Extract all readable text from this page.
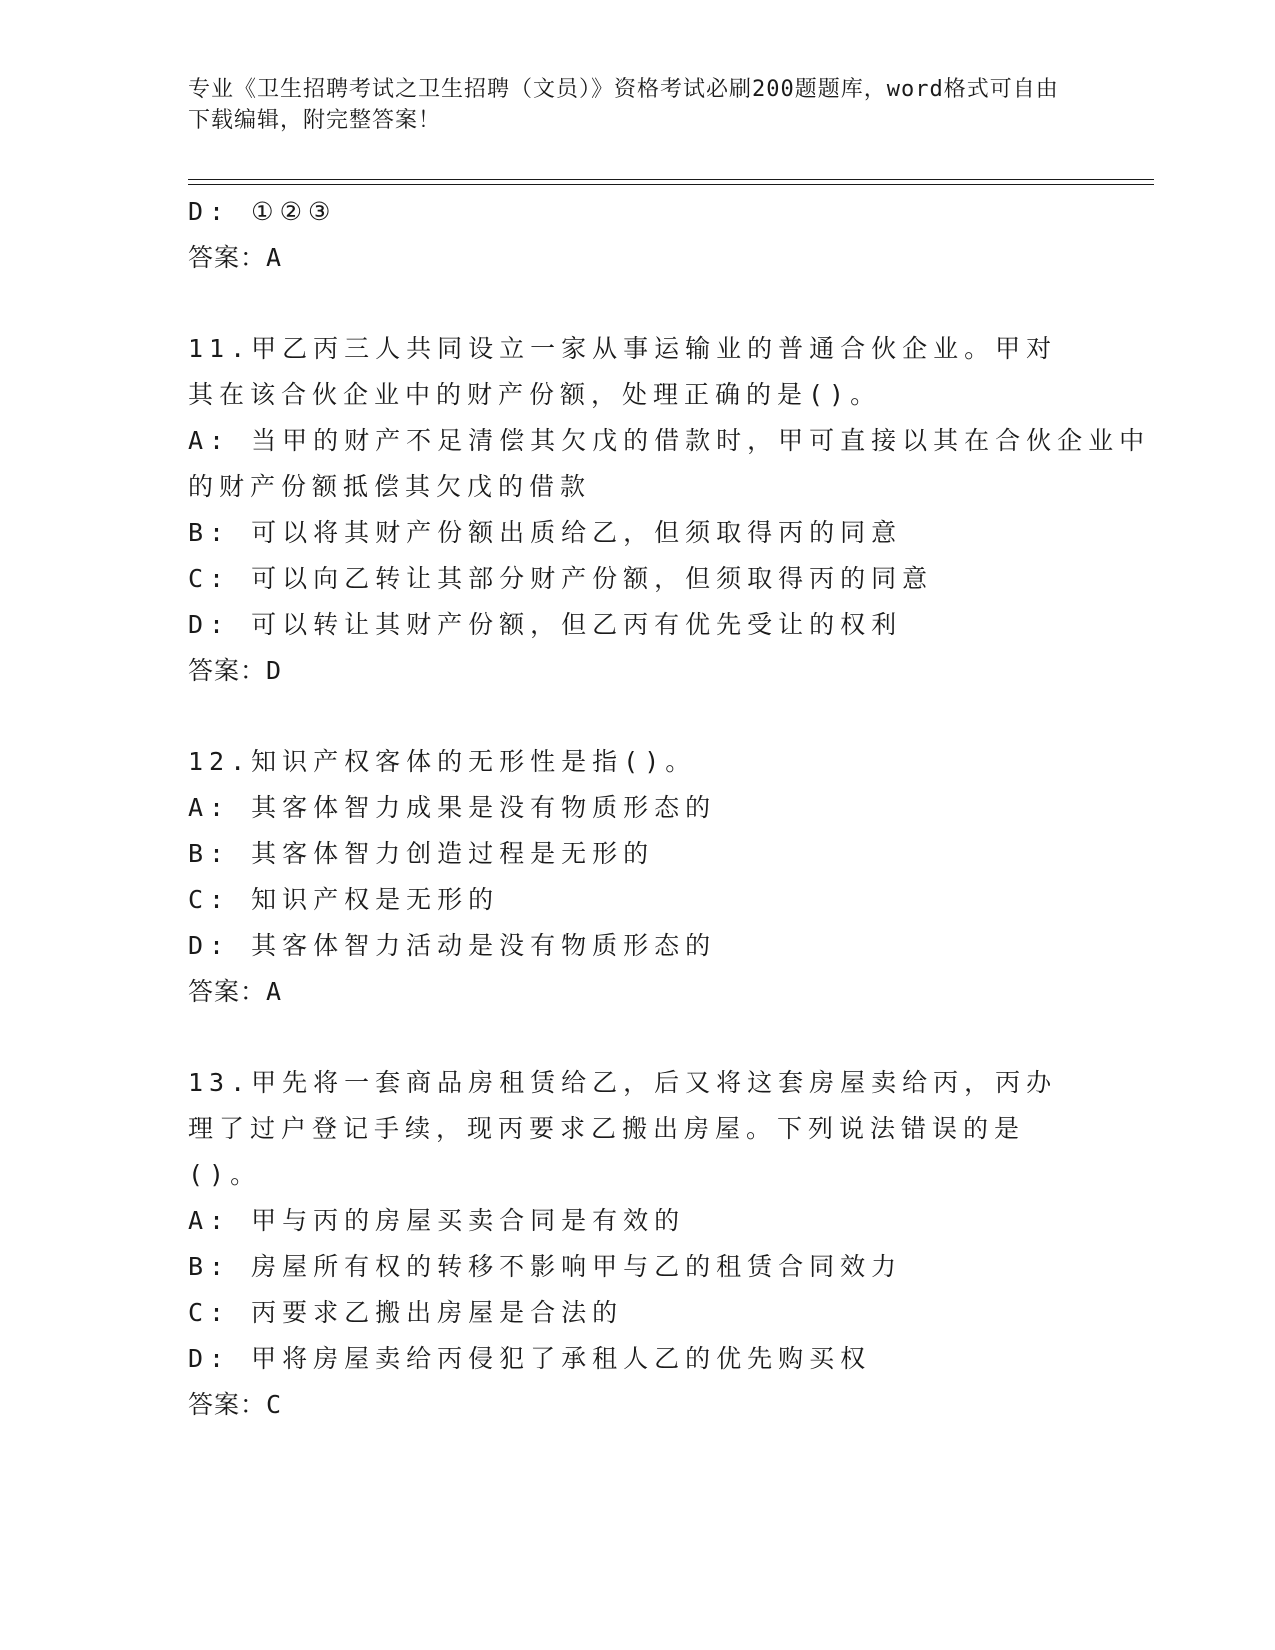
专业《卫生招聘考试之卫生招聘（文员）》资格考试必刷200题题库，word格式可自由下载编辑，附完整答案！
D: ①②③
答案：A
11.甲乙丙三人共同设立一家从事运输业的普通合伙企业。甲对其在该合伙企业中的财产份额，处理正确的是()。
A: 当甲的财产不足清偿其欠戊的借款时，甲可直接以其在合伙企业中
的财产份额抵偿其欠戊的借款
B: 可以将其财产份额出质给乙，但须取得丙的同意
C: 可以向乙转让其部分财产份额，但须取得丙的同意
D: 可以转让其财产份额，但乙丙有优先受让的权利
答案：D
12.知识产权客体的无形性是指()。
A: 其客体智力成果是没有物质形态的
B: 其客体智力创造过程是无形的
C: 知识产权是无形的
D: 其客体智力活动是没有物质形态的
答案：A
13.甲先将一套商品房租赁给乙，后又将这套房屋卖给丙，丙办理了过户登记手续，现丙要求乙搬出房屋。下列说法错误的是()。
A: 甲与丙的房屋买卖合同是有效的
B: 房屋所有权的转移不影响甲与乙的租赁合同效力
C: 丙要求乙搬出房屋是合法的
D: 甲将房屋卖给丙侵犯了承租人乙的优先购买权
答案：C
